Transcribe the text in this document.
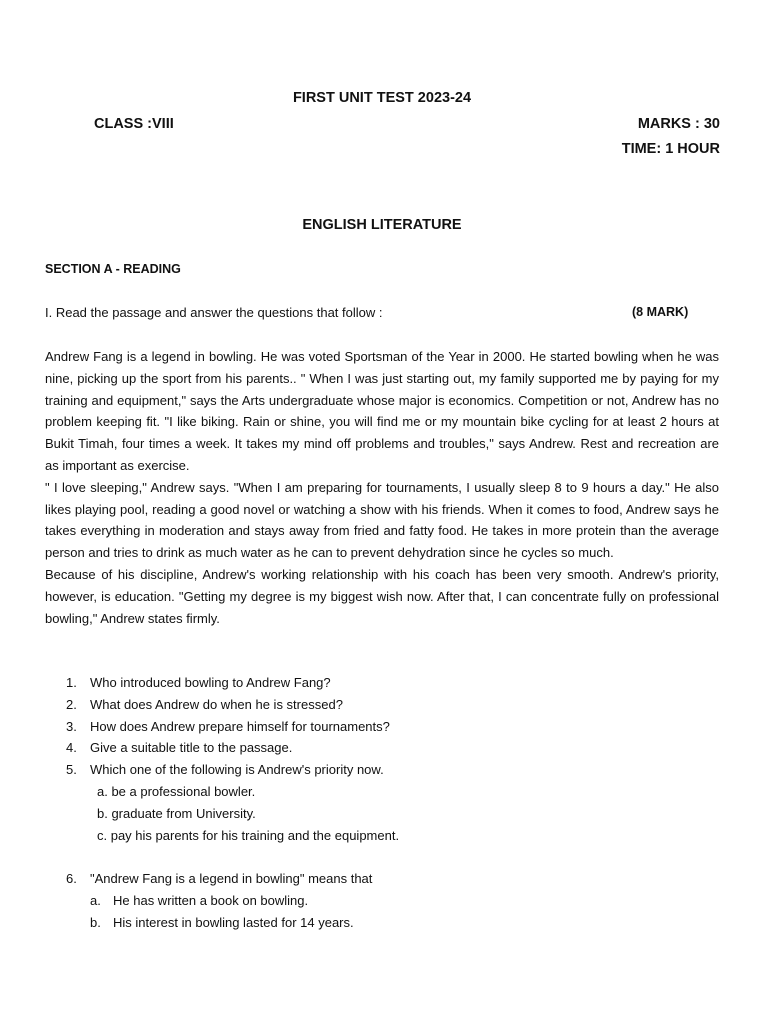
FIRST UNIT TEST 2023-24
CLASS :VIII	MARKS : 30
TIME: 1 HOUR
ENGLISH LITERATURE
SECTION A - READING
I. Read the passage and answer the questions that follow :	(8 MARK)

Andrew Fang is a legend in bowling. He was voted Sportsman of the Year in 2000. He started bowling when he was nine, picking up the sport from his parents.. " When I was just starting out, my family supported me by paying for my training and equipment," says the Arts undergraduate whose major is economics. Competition or not, Andrew has no problem keeping fit. "I like biking. Rain or shine, you will find me or my mountain bike cycling for at least 2 hours at Bukit Timah, four times a week. It takes my mind off problems and troubles," says Andrew. Rest and recreation are as important as exercise.

" I love sleeping," Andrew says. "When I am preparing for tournaments, I usually sleep 8 to 9 hours a day." He also likes playing pool, reading a good novel or watching a show with his friends. When it comes to food, Andrew says he takes everything in moderation and stays away from fried and fatty food. He takes in more protein than the average person and tries to drink as much water as he can to prevent dehydration since he cycles so much.

Because of his discipline, Andrew's working relationship with his coach has been very smooth. Andrew's priority, however, is education. "Getting my degree is my biggest wish now. After that, I can concentrate fully on professional bowling," Andrew states firmly.

1. Who introduced bowling to Andrew Fang?
2. What does Andrew do when he is stressed?
3. How does Andrew prepare himself for tournaments?
4. Give a suitable title to the passage.
5. Which one of the following is Andrew's priority now.
a. be a professional bowler.
b. graduate from University.
c. pay his parents for his training and the equipment.
6. "Andrew Fang is a legend in bowling" means that
a. He has written a book on bowling.
b. His interest in bowling lasted for 14 years.
